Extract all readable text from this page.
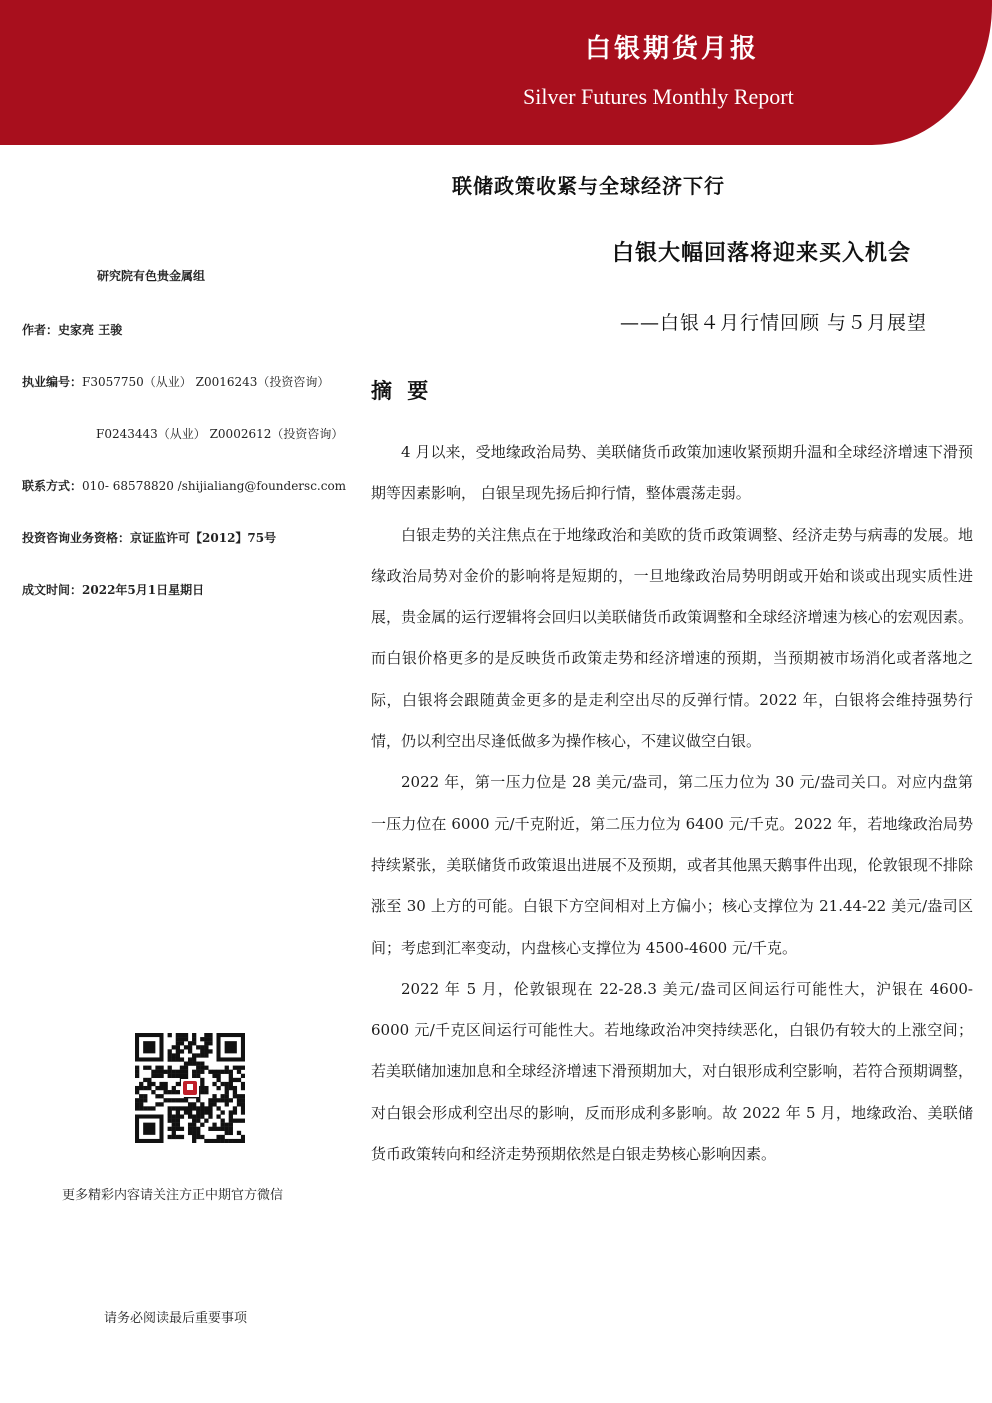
白银期货月报
Silver Futures Monthly Report
联储政策收紧与全球经济下行
白银大幅回落将迎来买入机会
——白银４月行情回顾 与５月展望
研究院有色贵金属组
作者：史家亮 王骏
执业编号：F3057750（从业） Z0016243（投资咨询）
F0243443（从业） Z0002612（投资咨询）
联系方式：010- 68578820 /shijialiang@foundersc.com
投资咨询业务资格：京证监许可【2012】75号
成文时间：2022年5月1日星期日
摘 要

4 月以来，受地缘政治局势、美联储货币政策加速收紧预期升温和全球经济增速下滑预期等因素影响， 白银呈现先扬后抑行情，整体震荡走弱。

白银走势的关注焦点在于地缘政治和美欧的货币政策调整、经济走势与病毒的发展。地缘政治局势对金价的影响将是短期的，一旦地缘政治局势明朗或开始和谈或出现实质性进展，贵金属的运行逻辑将会回归以美联储货币政策调整和全球经济增速为核心的宏观因素。而白银价格更多的是反映货币政策走势和经济增速的预期，当预期被市场消化或者落地之际，白银将会跟随黄金更多的是走利空出尽的反弹行情。2022 年，白银将会维持强势行情，仍以利空出尽逢低做多为操作核心，不建议做空白银。

2022 年，第一压力位是 28 美元/盎司，第二压力位为 30 元/盎司关口。对应内盘第一压力位在 6000 元/千克附近，第二压力位为 6400 元/千克。2022 年，若地缘政治局势持续紧张，美联储货币政策退出进展不及预期，或者其他黑天鹅事件出现，伦敦银现不排除涨至 30 上方的可能。白银下方空间相对上方偏小；核心支撑位为 21.44-22 美元/盎司区间；考虑到汇率变动，内盘核心支撑位为 4500-4600 元/千克。

2022 年 5 月，伦敦银现在 22-28.3 美元/盎司区间运行可能性大，沪银在 4600-6000 元/千克区间运行可能性大。若地缘政治冲突持续恶化，白银仍有较大的上涨空间；若美联储加速加息和全球经济增速下滑预期加大，对白银形成利空影响，若符合预期调整，对白银会形成利空出尽的影响，反而形成利多影响。故 2022 年 5 月，地缘政治、美联储货币政策转向和经济走势预期依然是白银走势核心影响因素。

更多精彩内容请关注方正中期官方微信
请务必阅读最后重要事项
